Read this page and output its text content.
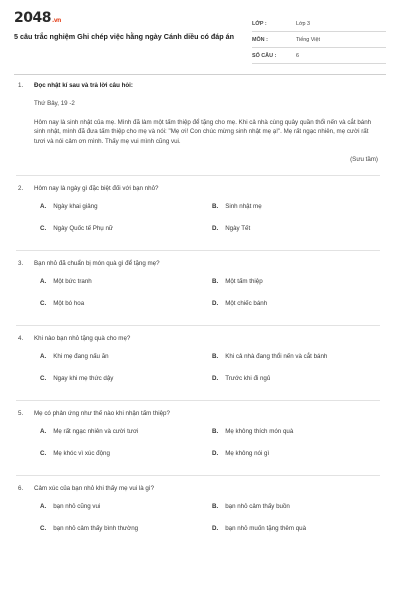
2048.vn
5 câu trắc nghiệm Ghi chép việc hằng ngày Cánh diều có đáp án
LỚP :	Lớp 3
MÔN :	Tiếng Việt
SỐ CÂU :	6
1. Đọc nhật kí sau và trả lời câu hỏi:

Thứ Bảy, 19 -2

Hôm nay là sinh nhật của mẹ. Mình đã làm một tấm thiệp để tặng cho mẹ. Khi cả nhà cùng quây quần thổi nến và cắt bánh sinh nhật, mình đã đưa tấm thiệp cho mẹ và nói: "Mẹ ơi! Con chúc mừng sinh nhật mẹ ạ!". Mẹ rất ngạc nhiên, mẹ cười rất tươi và nói cảm ơn mình. Thấy mẹ vui mình cũng vui.

(Sưu tầm)
2. Hôm nay là ngày gì đặc biệt đối với bạn nhỏ?
A. Ngày khai giảng	B. Sinh nhật mẹ
C. Ngày Quốc tế Phụ nữ	D. Ngày Tết
3. Bạn nhỏ đã chuẩn bị món quà gì để tặng mẹ?
A. Một bức tranh	B. Một tấm thiệp
C. Một bó hoa	D. Một chiếc bánh
4. Khi nào bạn nhỏ tặng quà cho mẹ?
A. Khi mẹ đang nấu ăn	B. Khi cả nhà đang thổi nến và cắt bánh
C. Ngay khi mẹ thức dậy	D. Trước khi đi ngủ
5. Mẹ có phản ứng như thế nào khi nhận tấm thiệp?
A. Mẹ rất ngạc nhiên và cười tươi	B. Mẹ không thích món quà
C. Mẹ khóc vì xúc động	D. Mẹ không nói gì
6. Cảm xúc của bạn nhỏ khi thấy mẹ vui là gì?
A. bạn nhỏ cũng vui	B. bạn nhỏ cảm thấy buồn
C. bạn nhỏ cảm thấy bình thường	D. bạn nhỏ muốn tặng thêm quà
